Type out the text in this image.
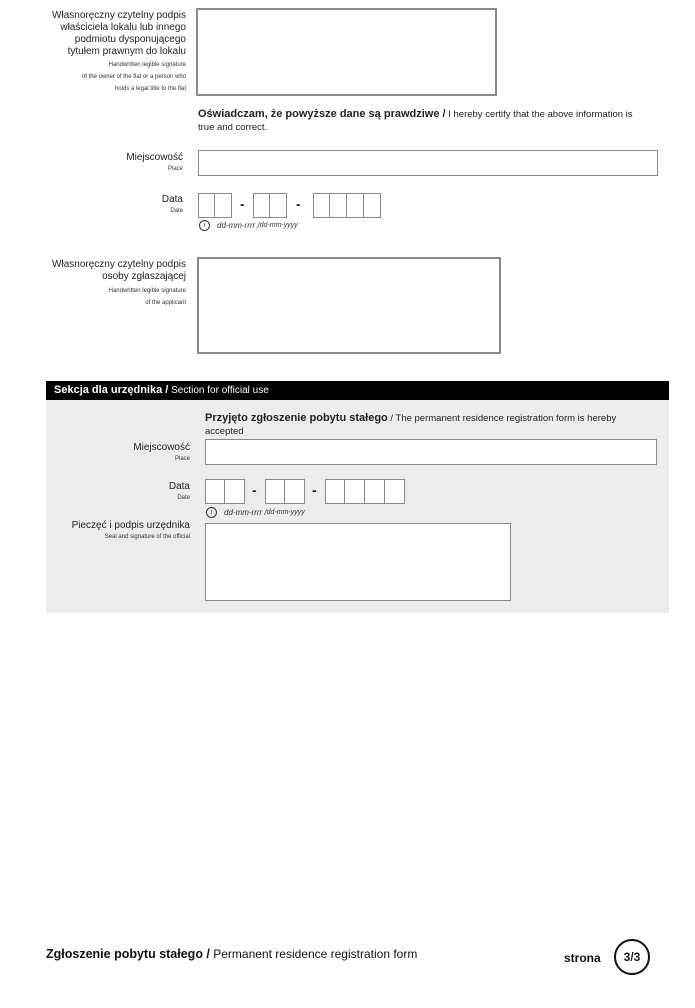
Własnoręczny czytelny podpis
właściciela lokalu lub innego
podmiotu dysponującego
tytułem prawnym do lokalu
Handwritten legible signature
of the owner of the flat or a person who
holds a legal title to the flat
Oświadczam, że powyższe dane są prawdziwe / I hereby certify that the above information is true and correct.
Miejscowość
Place
Data
Date	-	-
i	dd-mm-rrrr / dd-mm-yyyy
Własnoręczny czytelny podpis
osoby zgłaszającej
Handwritten legible signature
of the applicant
Sekcja dla urzędnika / Section for official use
Przyjęto zgłoszenie pobytu stałego / The permanent residence registration form is hereby accepted
Miejscowość
Place
Data
Date	-	-
i	dd-mm-rrrr / dd-mm-yyyy
Pieczęć i podpis urzędnika
Seal and signature of the official
Zgłoszenie pobytu stałego / Permanent residence registration form	strona	3/3
